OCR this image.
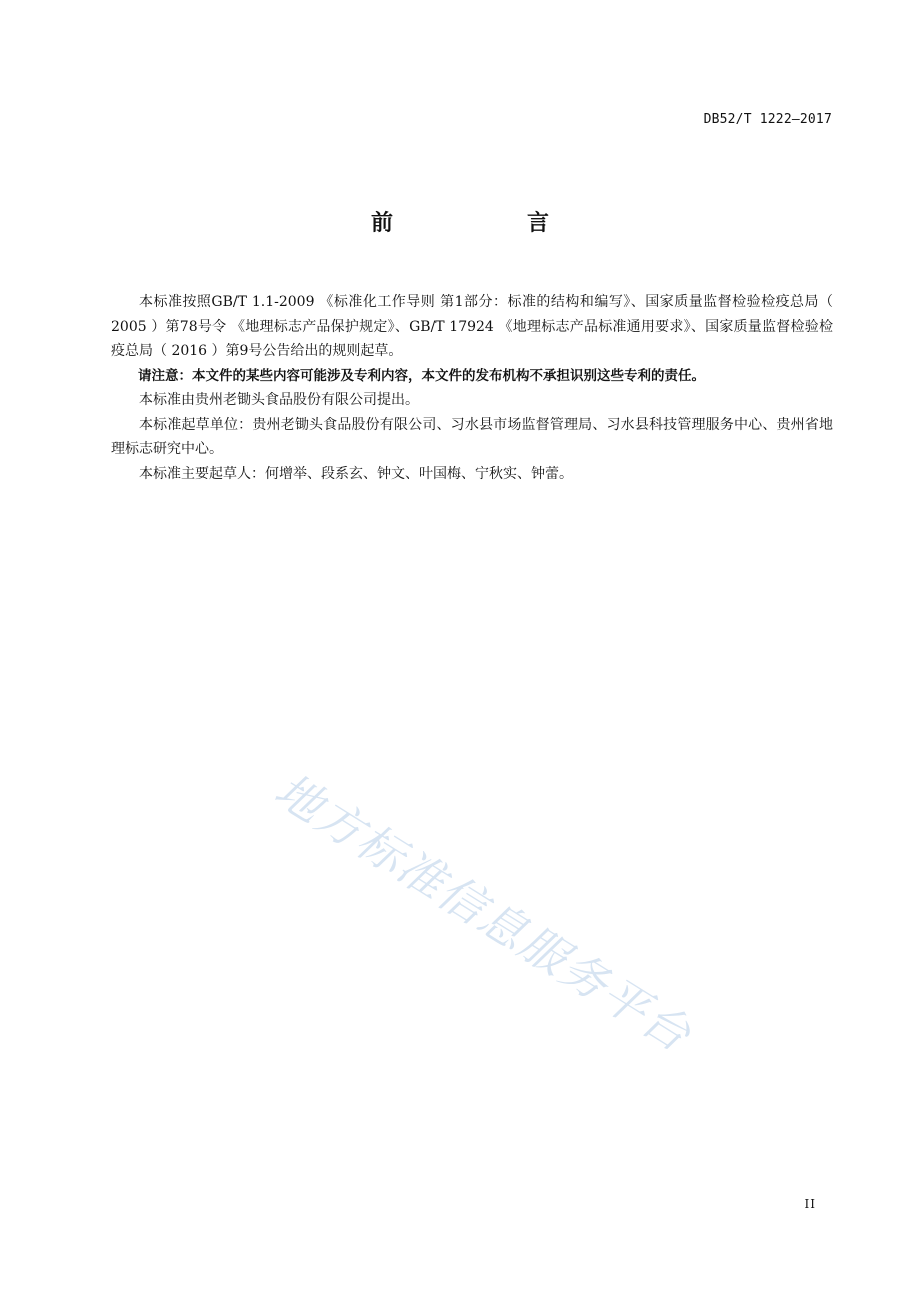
DB52/T 1222—2017
前　言

本标准按照GB/T 1.1-2009 《标准化工作导则 第1部分：标准的结构和编写》、国家质量监督检验检疫总局（ 2005 ）第78号令 《地理标志产品保护规定》、GB/T 17924 《地理标志产品标准通用要求》、国家质量监督检验检疫总局（ 2016 ）第9号公告给出的规则起草。

请注意：本文件的某些内容可能涉及专利内容，本文件的发布机构不承担识别这些专利的责任。

本标准由贵州老锄头食品股份有限公司提出。

本标准起草单位：贵州老锄头食品股份有限公司、习水县市场监督管理局、习水县科技管理服务中心、贵州省地理标志研究中心。

本标准主要起草人：何增举、段系玄、钟文、叶国梅、宁秋实、钟蕾。

地方标准信息服务平台
II
